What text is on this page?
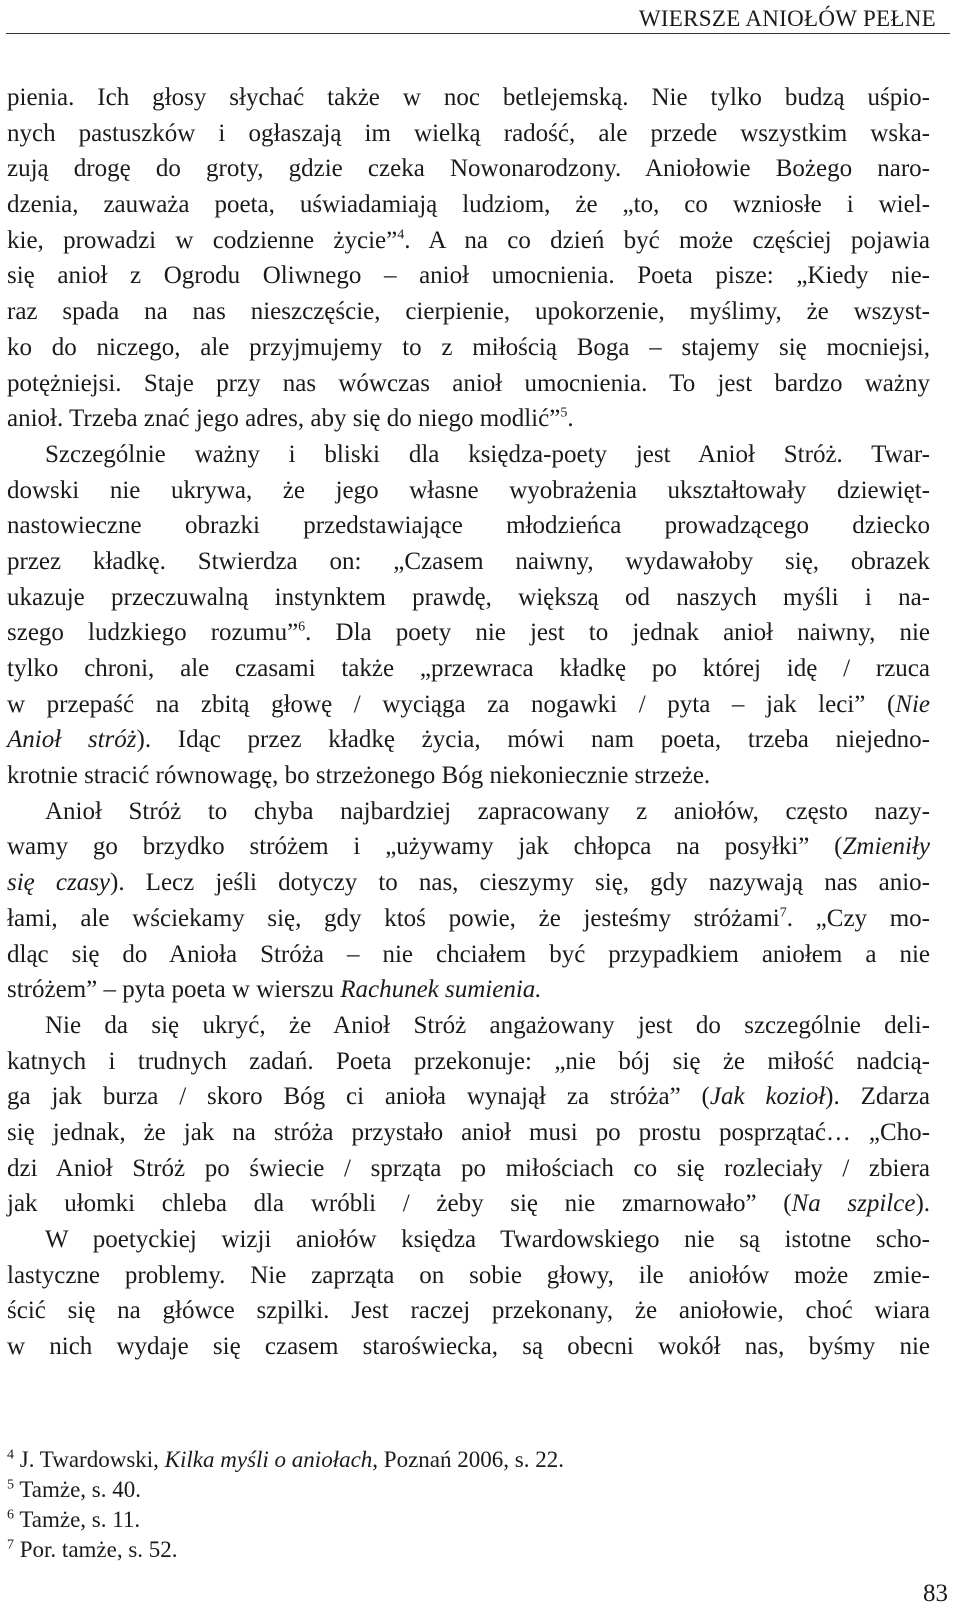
WIERSZE ANIOŁÓW PEŁNE
pienia. Ich głosy słychać także w noc betlejemską. Nie tylko budzą uśpio-
nych pastuszków i ogłaszają im wielką radość, ale przede wszystkim wska-
zują drogę do groty, gdzie czeka Nowonarodzony. Aniołowie Bożego naro-
dzenia, zauważa poeta, uświadamiają ludziom, że „to, co wzniosłe i wiel-
kie, prowadzi w codzienne życie”$^4$. A na co dzień być może częściej pojawia
się anioł z Ogrodu Oliwnego – anioł umocnienia. Poeta pisze: „Kiedy nie-
raz spada na nas nieszczęście, cierpienie, upokorzenie, myślimy, że wszyst-
ko do niczego, ale przyjmujemy to z miłością Boga – stajemy się mocniejsi,
potężniejsi. Staje przy nas wówczas anioł umocnienia. To jest bardzo ważny
anioł. Trzeba znać jego adres, aby się do niego modlić”$^5$.
Szczególnie ważny i bliski dla księdza-poety jest Anioł Stróż. Twar-
dowski nie ukrywa, że jego własne wyobrażenia ukształtowały dziewięt-
nastowieczne obrazki przedstawiające młodzieńca prowadzącego dziecko
przez kładkę. Stwierdza on: „Czasem naiwny, wydawałoby się, obrazek
ukazuje przeczuwalną instynktem prawdę, większą od naszych myśli i na-
szego ludzkiego rozumu”$^6$. Dla poety nie jest to jednak anioł naiwny, nie
tylko chroni, ale czasami także „przewraca kładkę po której idę / rzuca
w przepaść na zbitą głowę / wyciąga za nogawki / pyta – jak leci” (Nie
Anioł stróż). Idąc przez kładkę życia, mówi nam poeta, trzeba niejedno-
krotnie stracić równowagę, bo strzeżonego Bóg niekoniecznie strzeże.
Anioł Stróż to chyba najbardziej zapracowany z aniołów, często nazy-
wamy go brzydko stróżem i „używamy jak chłopca na posyłki” (Zmieniły
się czasy). Lecz jeśli dotyczy to nas, cieszymy się, gdy nazywają nas anio-
łami, ale wściekamy się, gdy ktoś powie, że jesteśmy stróżami$^7$. „Czy mo-
dląc się do Anioła Stróża – nie chciałem być przypadkiem aniołem a nie
stróżem” – pyta poeta w wierszu Rachunek sumienia.
Nie da się ukryć, że Anioł Stróż angażowany jest do szczególnie deli-
katnych i trudnych zadań. Poeta przekonuje: „nie bój się że miłość nadcią-
ga jak burza / skoro Bóg ci anioła wynajął za stróża” (Jak kozioł). Zdarza
się jednak, że jak na stróża przystało anioł musi po prostu posprzątać… „Cho-
dzi Anioł Stróż po świecie / sprząta po miłościach co się rozleciały / zbiera
jak ułomki chleba dla wróbli / żeby się nie zmarnowało” (Na szpilce).
W poetyckiej wizji aniołów księdza Twardowskiego nie są istotne scho-
lastyczne problemy. Nie zaprząta on sobie głowy, ile aniołów może zmie-
ścić się na główce szpilki. Jest raczej przekonany, że aniołowie, choć wiara
w nich wydaje się czasem staroświecka, są obecni wokół nas, byśmy nie
$^4$ J. Twardowski, Kilka myśli o aniołach, Poznań 2006, s. 22.
$^5$ Tamże, s. 40.
$^6$ Tamże, s. 11.
$^7$ Por. tamże, s. 52.
83
